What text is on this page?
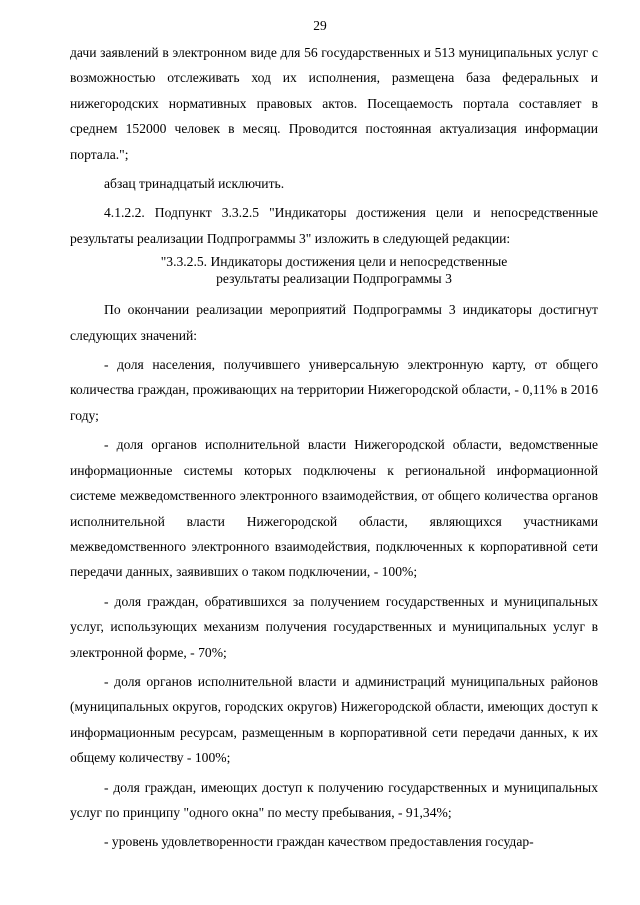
29

дачи заявлений в электронном виде для 56 государственных и 513 муниципальных услуг с возможностью отслеживать ход их исполнения, размещена база федеральных и нижегородских нормативных правовых актов. Посещаемость портала составляет в среднем 152000 человек в месяц. Проводится постоянная актуализация информации портала.";

абзац тринадцатый исключить.

4.1.2.2. Подпункт 3.3.2.5 "Индикаторы достижения цели и непосредственные результаты реализации Подпрограммы 3" изложить в следующей редакции:

"3.3.2.5. Индикаторы достижения цели и непосредственные
результаты реализации Подпрограммы 3

По окончании реализации мероприятий Подпрограммы 3 индикаторы достигнут следующих значений:

- доля населения, получившего универсальную электронную карту, от общего количества граждан, проживающих на территории Нижегородской области, - 0,11% в 2016 году;

- доля органов исполнительной власти Нижегородской области, ведомственные информационные системы которых подключены к региональной информационной системе межведомственного электронного взаимодействия, от общего количества органов исполнительной власти Нижегородской области, являющихся участниками межведомственного электронного взаимодействия, подключенных к корпоративной сети передачи данных, заявивших о таком подключении, - 100%;

- доля граждан, обратившихся за получением государственных и муниципальных услуг, использующих механизм получения государственных и муниципальных услуг в электронной форме, - 70%;

- доля органов исполнительной власти и администраций муниципальных районов (муниципальных округов, городских округов) Нижегородской области, имеющих доступ к информационным ресурсам, размещенным в корпоративной сети передачи данных, к их общему количеству - 100%;

- доля граждан, имеющих доступ к получению государственных и муниципальных услуг по принципу "одного окна" по месту пребывания, - 91,34%;

- уровень удовлетворенности граждан качеством предоставления государ-
